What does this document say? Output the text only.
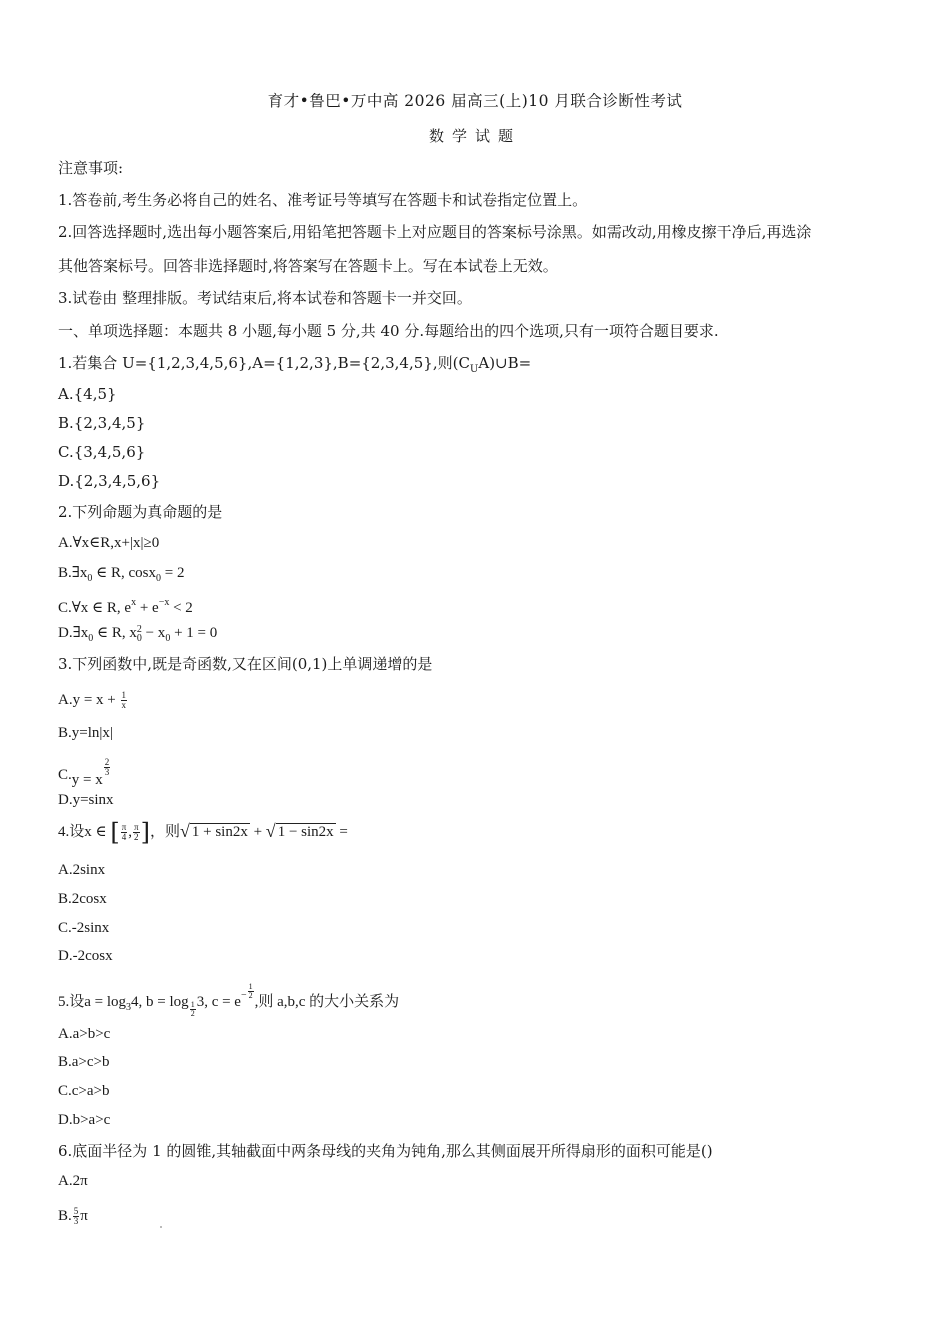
育才•鲁巴•万中高 2026 届高三(上)10 月联合诊断性考试
数学试题
注意事项:
1.答卷前,考生务必将自己的姓名、准考证号等填写在答题卡和试卷指定位置上。
2.回答选择题时,选出每小题答案后,用铅笔把答题卡上对应题目的答案标号涂黑。如需改动,用橡皮擦干净后,再选涂
其他答案标号。回答非选择题时,将答案写在答题卡上。写在本试卷上无效。
3.试卷由 整理排版。考试结束后,将本试卷和答题卡一并交回。
一、单项选择题：本题共 8 小题,每小题 5 分,共 40 分.每题给出的四个选项,只有一项符合题目要求.
1.若集合 U={1,2,3,4,5,6},A={1,2,3},B={2,3,4,5},则$(C_UA)\cup B=$
A.{4,5}
B.{2,3,4,5}
C.{3,4,5,6}
D.{2,3,4,5,6}
2.下列命题为真命题的是
A.∀x∈R,x+|x|≥0
$B.\exists x_0$ ∈ R, cosx$_0$ = 2
C.∀x ∈ R, $e^x + e^{-x} < 2$
$D.\exists x_0$ ∈ R, x 2
$0 - x_0 + 1 = 0$
3.下列函数中,既是奇函数,又在区间(0,1)上单调递增的是
$A.y = x + \frac{1}{x}$
B.y=ln|x|
C.y = x
$\frac{2}{3}$
D.y=sinx
4.设x ∈ [ $\frac{\pi}{4}$ , $\frac{\pi}{2}$ ]，则√ 1 + sin2x + √ 1 − sin2x =
A.2sinx
B.2cosx
C.-2sinx
D.-2cosx
5.设$a = \log_34$, $b = \log \frac{1}{2} 3$, $c = e^- \frac{1}{2}$
,则 a,b,c 的大小关系为
A.a>b>c
B.a>c>b
C.c>a>b
D.b>a>c
6.底面半径为 1 的圆锥,其轴截面中两条母线的夹角为钝角,那么其侧面展开所得扇形的面积可能是()
A.2π
B. $\frac{5}{3}$ π
